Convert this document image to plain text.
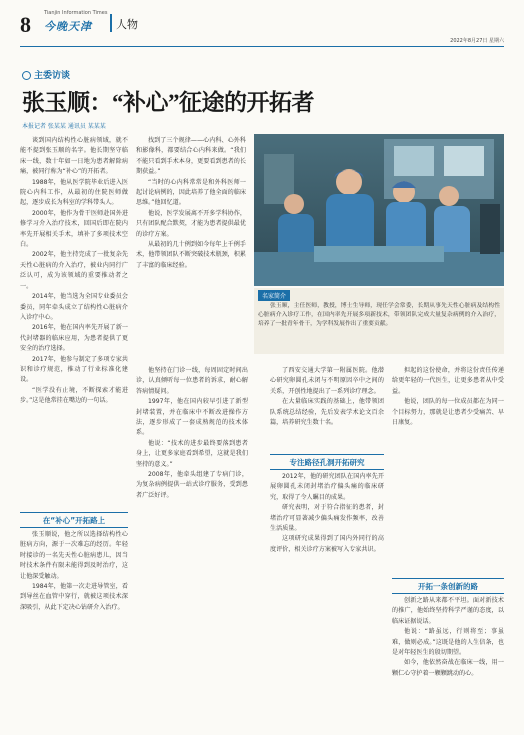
8	Tianjin Information Times
今晚天津 人物
2022年8月27日 星期六
主委访谈
张玉顺：“补心”征途的开拓者
本报记者 张某某 通讯员 某某某

谈到国内结构性心脏病领域，就不能不提到张玉顺的名字。他长期坚守临床一线，数十年如一日地为患者解除病痛，被同行称为“补心”的开拓者。

1988年，他从医学院毕业后进入医院心内科工作，从最初的住院医师做起，逐步成长为科室的学科带头人。

2000年，他作为骨干医师赴国外进修学习介入治疗技术，回国后即在院内率先开展相关手术，填补了多项技术空白。

2002年，他主持完成了一批复杂先天性心脏病的介入治疗，被业内同行广泛认可，成为该领域的重要推动者之一。

2014年，他当选为全国专业委员会委员，同年牵头成立了结构性心脏病介入诊疗中心。

2016年，他在国内率先开展了新一代封堵器的临床应用，为患者提供了更安全的治疗选择。

2017年，他参与制定了多项专家共识和诊疗规范，推动了行业标准化建设。

“医学没有止境，不断探索才能进步。”这是他常挂在嘴边的一句话。

在“补心”开拓路上

张玉顺说，他之所以选择结构性心脏病方向，源于一次难忘的经历。年轻时接诊的一名先天性心脏病患儿，因当时技术条件有限未能得到及时治疗，这让他深受触动。

1984年，他第一次走进导管室，看到导丝在血管中穿行，就被这项技术深深吸引，从此下定决心钻研介入治疗。

找到了三个规律——心内科、心外科和影像科，都要结合心内科来做。“我们不能只看到手术本身，更要看到患者的长期获益。”

“当时的心内科常常是和外科医师一起讨论病例的，因此培养了他全面的临床思维。”他回忆道。

他说，医学发展离不开多学科协作，只有团队配合默契，才能为患者提供最优的诊疗方案。

从最初的几十例到如今每年上千例手术，他带领团队不断突破技术瓶颈，积累了丰富的临床经验。

他坚持在门诊一线，每周固定时间出诊，认真倾听每一位患者的诉求，耐心解答病情疑问。

1997年，他在国内较早引进了新型封堵装置，并在临床中不断改进操作方法，逐步形成了一套成熟规范的技术体系。

他说：“技术的进步最终要落到患者身上，让更多家庭看到希望，这就是我们坚持的意义。”

2008年，他牵头组建了专病门诊，为复杂病例提供一站式诊疗服务，受到患者广泛好评。

名家简介
张玉顺，主任医师，教授，博士生导师，现任学会常委，长期从事先天性心脏病及结构性心脏病介入诊疗工作，在国内率先开展多项新技术，带领团队完成大量复杂病例的介入治疗，培养了一批青年骨干，为学科发展作出了重要贡献。

了西安交通大学第一附属医院。他潜心研究卵圆孔未闭与不明原因卒中之间的关系，开创性地提出了一系列诊疗理念。

在大量临床实践的基础上，他带领团队系统总结经验，先后发表学术论文百余篇，培养研究生数十名。

专注路径孔洞开拓研究

2012年，他的研究团队在国内率先开展卵圆孔未闭封堵治疗偏头痛的临床研究，取得了令人瞩目的成果。

研究表明，对于符合指征的患者，封堵治疗可显著减少偏头痛发作频率，改善生活质量。

这项研究成果得到了国内外同行的高度评价，相关诊疗方案被写入专家共识。

担起的这份使命，并将这份责任传递给更年轻的一代医生，让更多患者从中受益。

他说，团队的每一位成员都在为同一个目标努力，那就是让患者少受痛苦、早日康复。

开拓一条创新的路

创新之路从来都不平坦。面对新技术的推广，他始终坚持科学严谨的态度，以临床证据说话。

他说：“路虽远，行则将至；事虽难，做则必成。”这既是他的人生信条，也是对年轻医生的殷切期望。

如今，他依然奋战在临床一线，用一颗仁心守护着一颗颗跳动的心。
